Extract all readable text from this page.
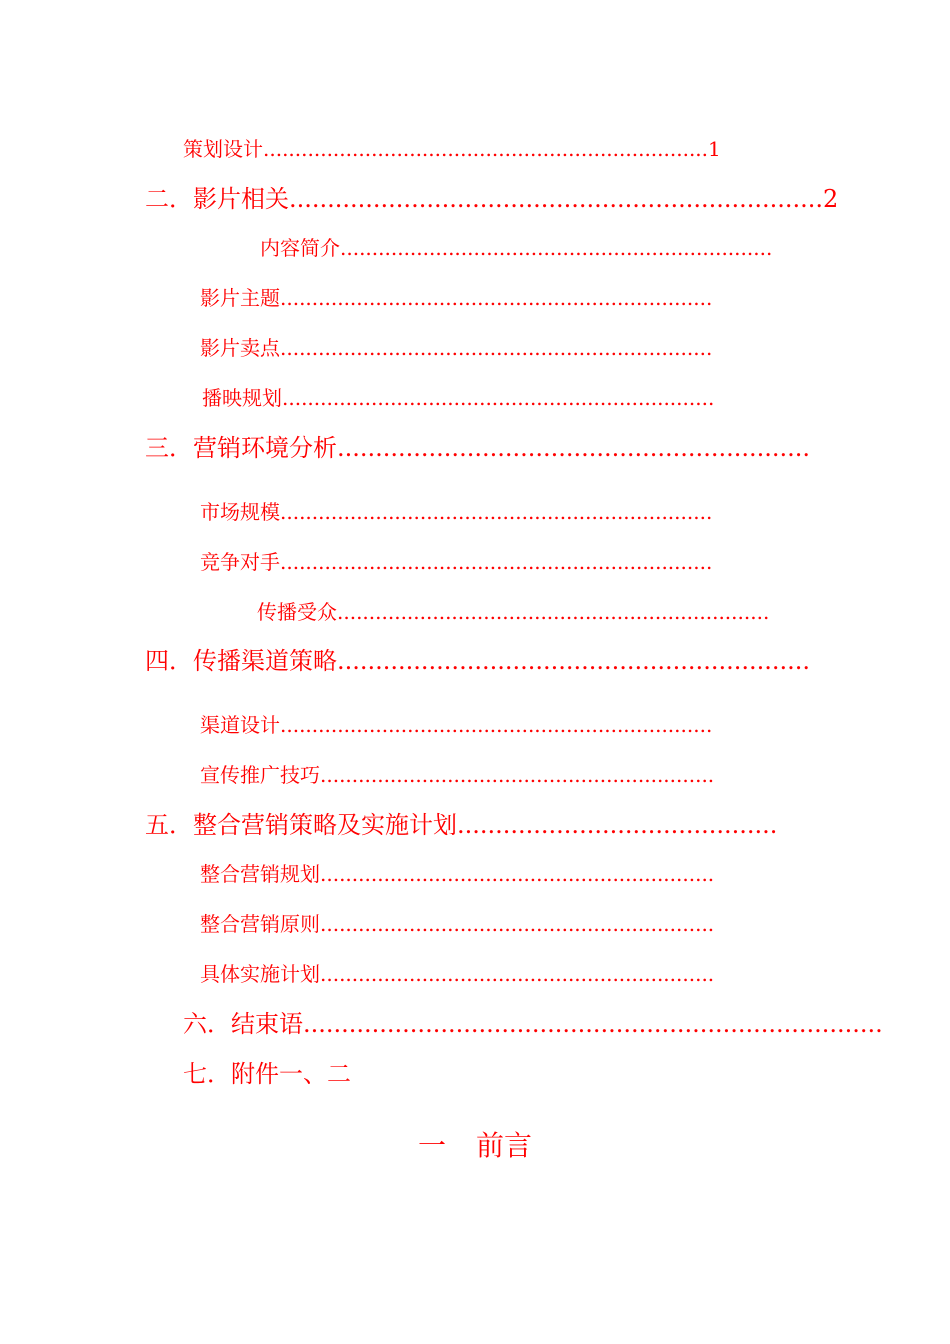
策划设计......................................................................1
二．影片相关......................................................................2
内容简介....................................................................
影片主题....................................................................
影片卖点....................................................................
播映规划....................................................................
三．营销环境分析..............................................................
市场规模....................................................................
竞争对手....................................................................
传播受众....................................................................
四．传播渠道策略..............................................................
渠道设计....................................................................
宣传推广技巧..............................................................
五．整合营销策略及实施计划..........................................
整合营销规划..............................................................
整合营销原则..............................................................
具体实施计划..............................................................
六．结束语............................................................................
七．附件一、二
一 前言
